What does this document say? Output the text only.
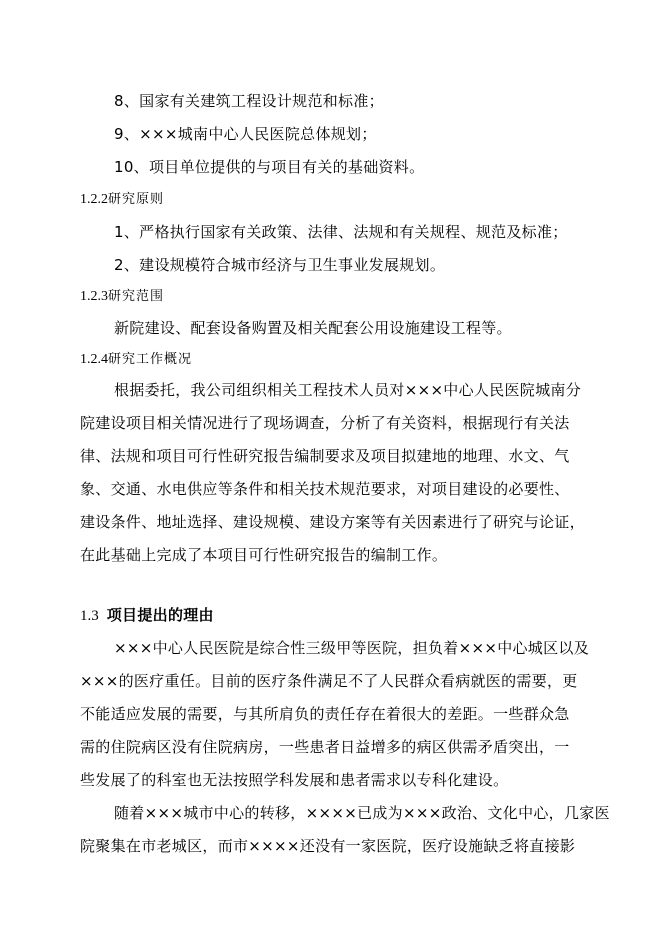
8、国家有关建筑工程设计规范和标准；
9、×××城南中心人民医院总体规划；
10、项目单位提供的与项目有关的基础资料。
1.2.2研究原则
1、严格执行国家有关政策、法律、法规和有关规程、规范及标准；
2、建设规模符合城市经济与卫生事业发展规划。
1.2.3研究范围
新院建设、配套设备购置及相关配套公用设施建设工程等。
1.2.4研究工作概况
根据委托，我公司组织相关工程技术人员对×××中心人民医院城南分
院建设项目相关情况进行了现场调查，分析了有关资料，根据现行有关法
律、法规和项目可行性研究报告编制要求及项目拟建地的地理、水文、气
象、交通、水电供应等条件和相关技术规范要求，对项目建设的必要性、
建设条件、地址选择、建设规模、建设方案等有关因素进行了研究与论证，
在此基础上完成了本项目可行性研究报告的编制工作。
1.3 项目提出的理由
×××中心人民医院是综合性三级甲等医院，担负着×××中心城区以及
×××的医疗重任。目前的医疗条件满足不了人民群众看病就医的需要，更
不能适应发展的需要，与其所肩负的责任存在着很大的差距。一些群众急
需的住院病区没有住院病房，一些患者日益增多的病区供需矛盾突出，一
些发展了的科室也无法按照学科发展和患者需求以专科化建设。
随着×××城市中心的转移，××××已成为×××政治、文化中心，几家医
院聚集在市老城区，而市××××还没有一家医院，医疗设施缺乏将直接影
